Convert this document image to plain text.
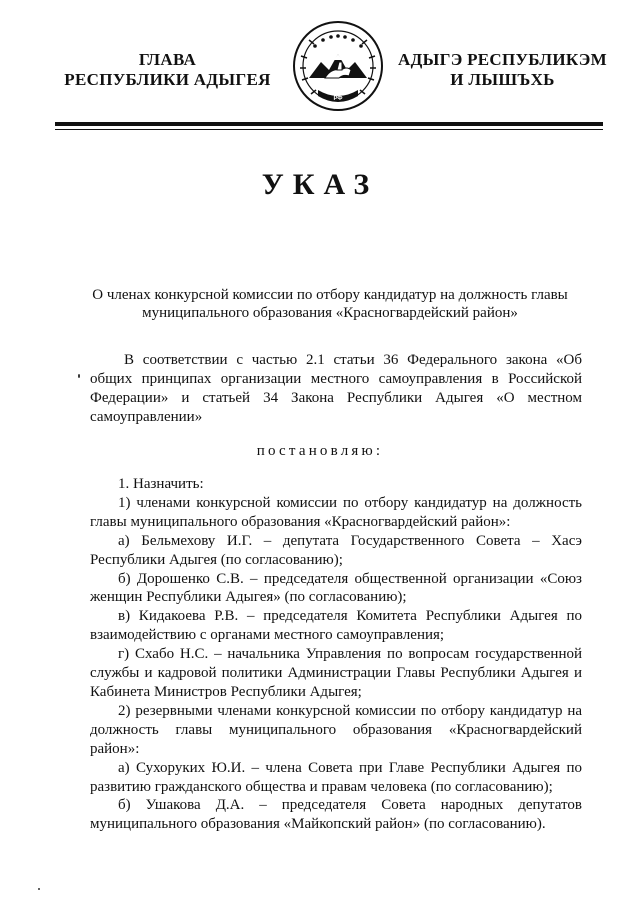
ГЛАВА
РЕСПУБЛИКИ АДЫГЕЯ
РФ
АДЫГЭ РЕСПУБЛИКЭМ
И ЛЫШЪХЬ
УКАЗ
О членах конкурсной комиссии по отбору кандидатур на должность главы муниципального образования «Красногвардейский район»

В соответствии с частью 2.1 статьи 36 Федерального закона «Об общих принципах организации местного самоуправления в Российской Федерации» и статьей 34 Закона Республики Адыгея «О местном самоуправлении»

постановляю:

1. Назначить:

1) членами конкурсной комиссии по отбору кандидатур на должность главы муниципального образования «Красногвардейский район»:

а) Бельмехову И.Г. – депутата Государственного Совета – Хасэ Республики Адыгея (по согласованию);

б) Дорошенко С.В. – председателя общественной организации «Союз женщин Республики Адыгея» (по согласованию);

в) Кидакоева Р.В. – председателя Комитета Республики Адыгея по взаимодействию с органами местного самоуправления;

г) Схабо Н.С. – начальника Управления по вопросам государственной службы и кадровой политики Администрации Главы Республики Адыгея и Кабинета Министров Республики Адыгея;

2) резервными членами конкурсной комиссии по отбору кандидатур на должность главы муниципального образования «Красногвардейский район»:

а) Сухоруких Ю.И. – члена Совета при Главе Республики Адыгея по развитию гражданского общества и правам человека (по согласованию);

б) Ушакова Д.А. – председателя Совета народных депутатов муниципального образования «Майкопский район» (по согласованию).
